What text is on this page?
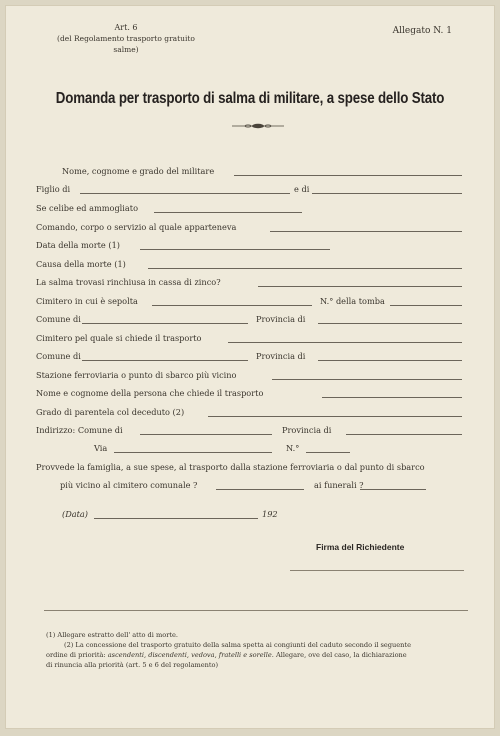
Art. 6
(del Regolamento trasporto gratuito salme)
Allegato N. 1
Domanda per trasporto di salma di militare, a spese dello Stato
Nome, cognome e grado del militare
Figlio di	e di
Se celibe ed ammogliato
Comando, corpo o servizio al quale apparteneva
Data della morte (1)
Causa della morte (1)
La salma trovasi rinchiusa in cassa di zinco?
Cimitero in cui è sepolta	N.° della tomba
Comune di	Provincia di
Cimitero pel quale si chiede il trasporto
Comune di	Provincia di
Stazione ferroviaria o punto di sbarco più vicino
Nome e cognome della persona che chiede il trasporto
Grado di parentela col deceduto (2)
Indirizzo: Comune di	Provincia di
Via	N.°
Provvede la famiglia, a sue spese, al trasporto dalla stazione ferroviaria o dal punto di sbarco
più vicino al cimitero comunale ?	ai funerali ?
(Data)	192
Firma del Richiedente

(1) Allegare estratto dell' atto di morte.

(2) La concessione del trasporto gratuito della salma spetta ai congiunti del caduto secondo il seguente

ordine di priorità: ascendenti, discendenti, vedova, fratelli e sorelle. Allegare, ove del caso, la dichiarazione

di rinuncia alla priorità (art. 5 e 6 del regolamento)
